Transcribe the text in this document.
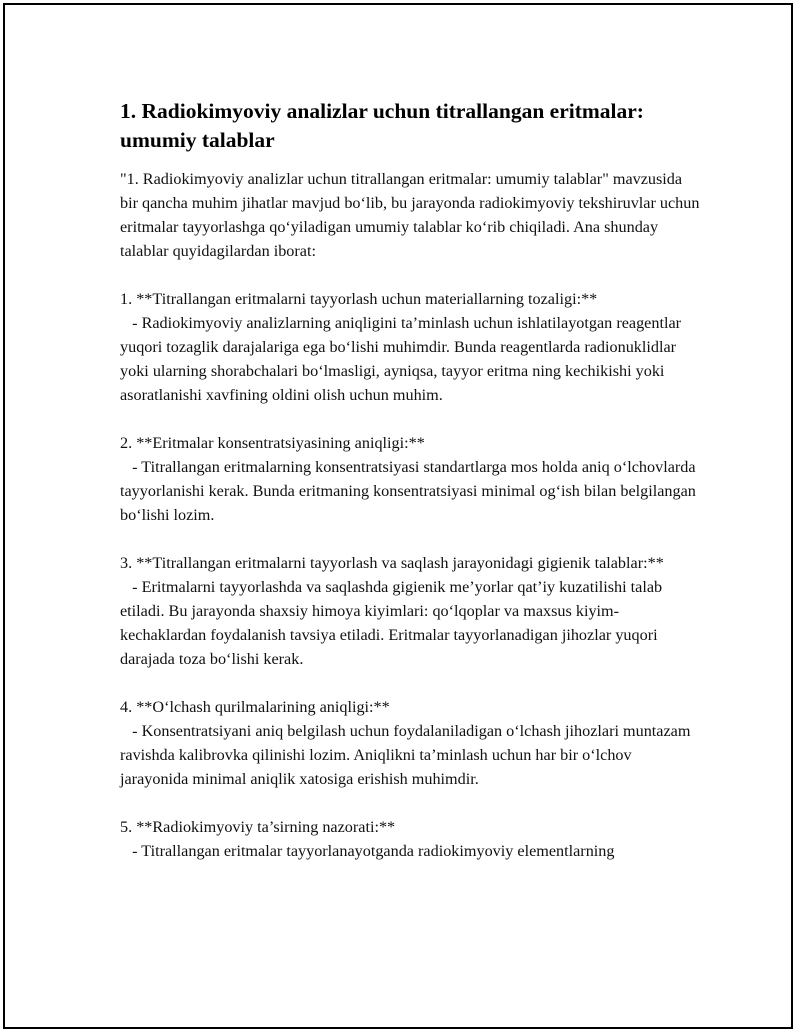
1. Radiokimyoviy analizlar uchun titrallangan eritmalar: umumiy talablar

"1. Radiokimyoviy analizlar uchun titrallangan eritmalar: umumiy talablar" mavzusida bir qancha muhim jihatlar mavjud bo‘lib, bu jarayonda radiokimyoviy tekshiruvlar uchun eritmalar tayyorlashga qo‘yiladigan umumiy talablar ko‘rib chiqiladi. Ana shunday talablar quyidagilardan iborat:

1. **Titrallangan eritmalarni tayyorlash uchun materiallarning tozaligi:**
- Radiokimyoviy analizlarning aniqligini ta’minlash uchun ishlatilayotgan reagentlar yuqori tozaglik darajalariga ega bo‘lishi muhimdir. Bunda reagentlarda radionuklidlar yoki ularning shorabchalari bo‘lmasligi, ayniqsa, tayyor eritma ning kechikishi yoki asoratlanishi xavfining oldini olish uchun muhim.

2. **Eritmalar konsentratsiyasining aniqligi:**
- Titrallangan eritmalarning konsentratsiyasi standartlarga mos holda aniq o‘lchovlarda tayyorlanishi kerak. Bunda eritmaning konsentratsiyasi minimal og‘ish bilan belgilangan bo‘lishi lozim.

3. **Titrallangan eritmalarni tayyorlash va saqlash jarayonidagi gigienik talablar:**
- Eritmalarni tayyorlashda va saqlashda gigienik me’yorlar qat’iy kuzatilishi talab etiladi. Bu jarayonda shaxsiy himoya kiyimlari: qo‘lqoplar va maxsus kiyim-kechaklardan foydalanish tavsiya etiladi. Eritmalar tayyorlanadigan jihozlar yuqori darajada toza bo‘lishi kerak.

4. **O‘lchash qurilmalarining aniqligi:**
- Konsentratsiyani aniq belgilash uchun foydalaniladigan o‘lchash jihozlari muntazam ravishda kalibrovka qilinishi lozim. Aniqlikni ta’minlash uchun har bir o‘lchov jarayonida minimal aniqlik xatosiga erishish muhimdir.

5. **Radiokimyoviy ta’sirning nazorati:**
- Titrallangan eritmalar tayyorlanayotganda radiokimyoviy elementlarning
